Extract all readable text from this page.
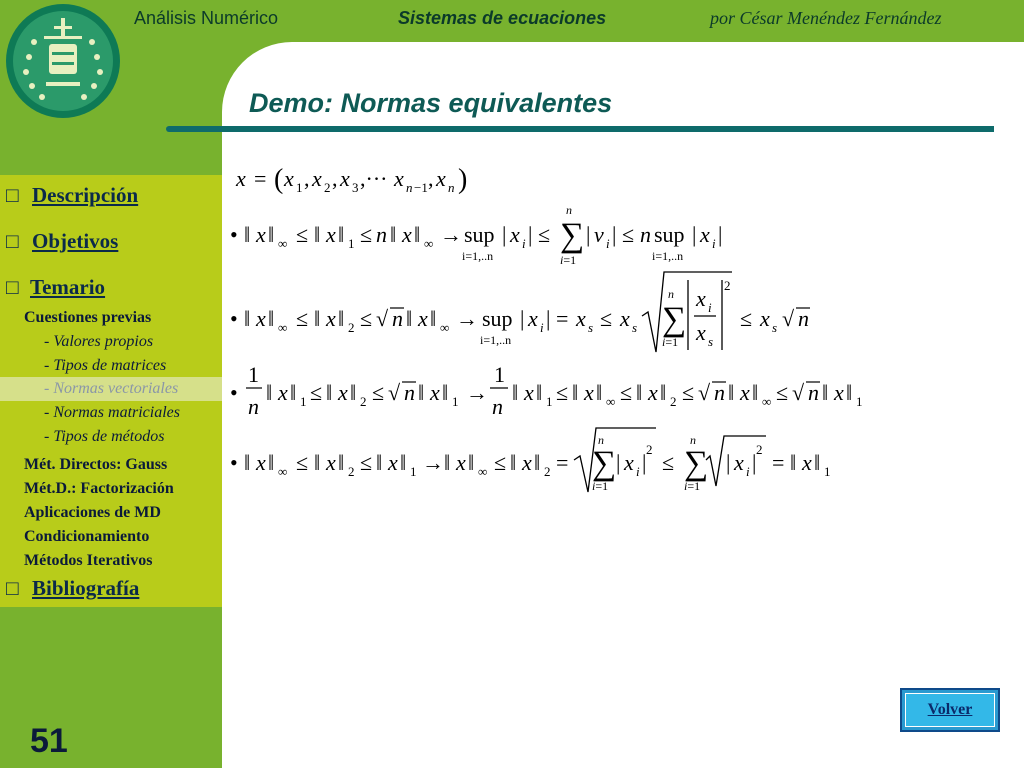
Análisis Numérico	Sistemas de ecuaciones	por César Menéndez Fernández
Demo: Normas equivalentes
□ Descripción
□ Objetivos
□ Temario
Cuestiones previas
- Valores propios
- Tipos de matrices
- Normas vectoriales
- Normas matriciales
- Tipos de métodos
Mét. Directos: Gauss
Mét.D.: Factorización
Aplicaciones de MD
Condicionamiento
Métodos Iterativos
□ Bibliografía
x = ( x 1 , x 2 , x 3 ,··· x n −1 , x n )
• ‖ x ‖ ∞ ≤ ‖ x ‖ 1 ≤ n ‖ x ‖ ∞ → sup
i=1,..n
| x i | ≤ ∑
n
i=1
| v i | ≤ n sup
i=1,..n
| x i |
• ‖ x ‖ ∞ ≤ ‖ x ‖ 2 ≤ √ n ‖ x ‖ ∞ → sup
i=1,..n
| x i | = x s ≤ x s ∑
n
i=1
x i
x s
2
≤ x s √ n
•
1
n
‖ x ‖ 1 ≤ ‖ x ‖ 2 ≤ √ n ‖ x ‖ 1 →
1
n
‖ x ‖ 1 ≤ ‖ x ‖ ∞ ≤ ‖ x ‖ 2 ≤ √ n ‖ x ‖ ∞ ≤ √ n ‖ x ‖ 1
• ‖ x ‖ ∞ ≤ ‖ x ‖ 2 ≤ ‖ x ‖ 1 → ‖ x ‖ ∞ ≤ ‖ x ‖ 2 = ∑
n
i=1
| x i |
2
≤ ∑
n
i=1
| x i |
2
= ‖ x ‖ 1
51
Volver
